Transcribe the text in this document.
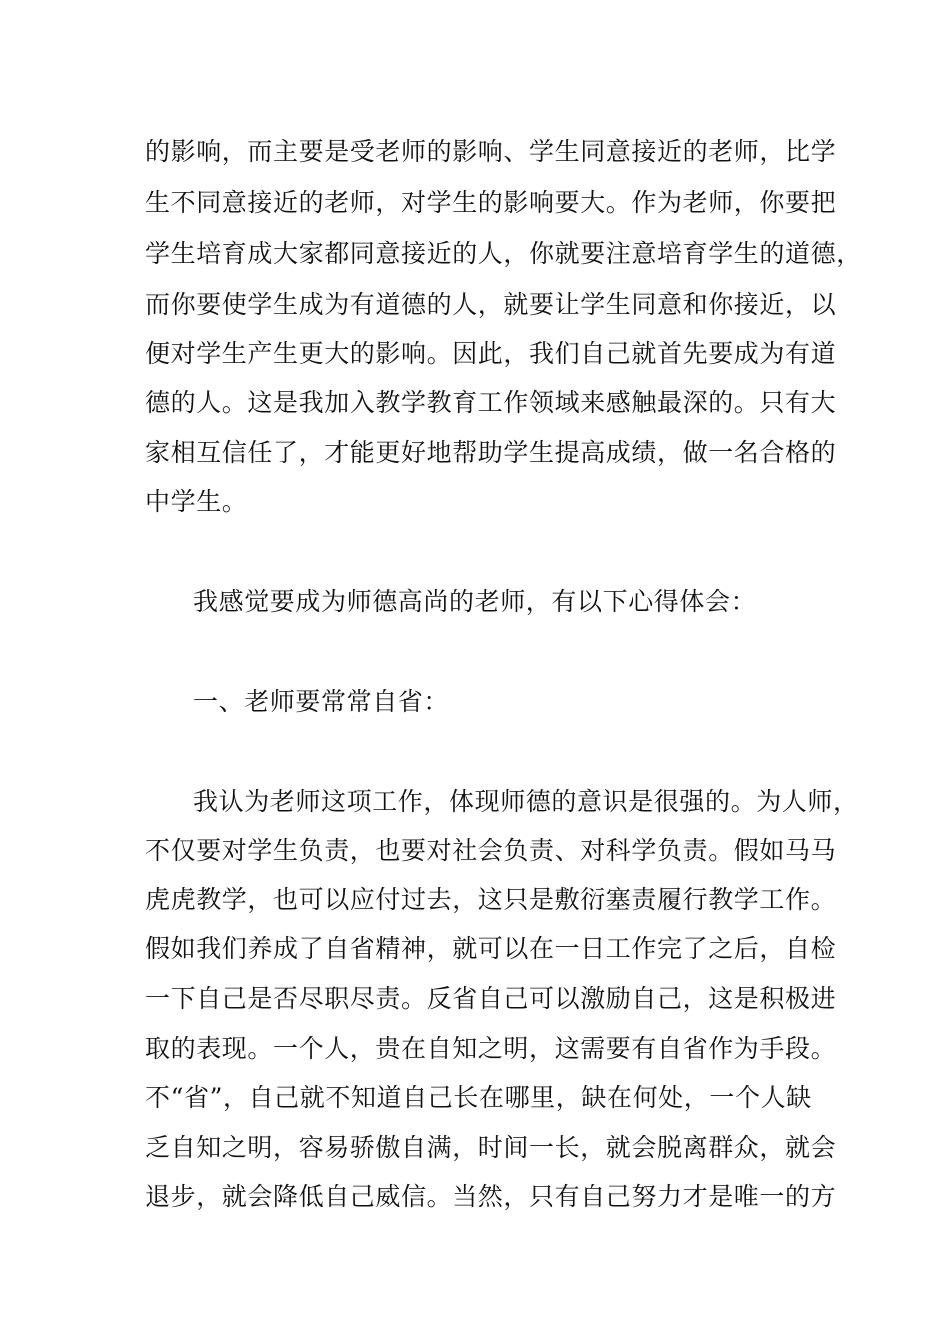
的影响，而主要是受老师的影响、学生同意接近的老师，比学
生不同意接近的老师，对学生的影响要大。作为老师，你要把
学生培育成大家都同意接近的人，你就要注意培育学生的道德，
而你要使学生成为有道德的人，就要让学生同意和你接近，以
便对学生产生更大的影响。因此，我们自己就首先要成为有道
德的人。这是我加入教学教育工作领域来感触最深的。只有大
家相互信任了，才能更好地帮助学生提高成绩，做一名合格的
中学生。
我感觉要成为师德高尚的老师，有以下心得体会：
一、老师要常常自省：
我认为老师这项工作，体现师德的意识是很强的。为人师，
不仅要对学生负责，也要对社会负责、对科学负责。假如马马
虎虎教学，也可以应付过去，这只是敷衍塞责履行教学工作。
假如我们养成了自省精神，就可以在一日工作完了之后，自检
一下自己是否尽职尽责。反省自己可以激励自己，这是积极进
取的表现。一个人，贵在自知之明，这需要有自省作为手段。
不“省”，自己就不知道自己长在哪里，缺在何处，一个人缺
乏自知之明，容易骄傲自满，时间一长，就会脱离群众，就会
退步，就会降低自己威信。当然，只有自己努力才是唯一的方
